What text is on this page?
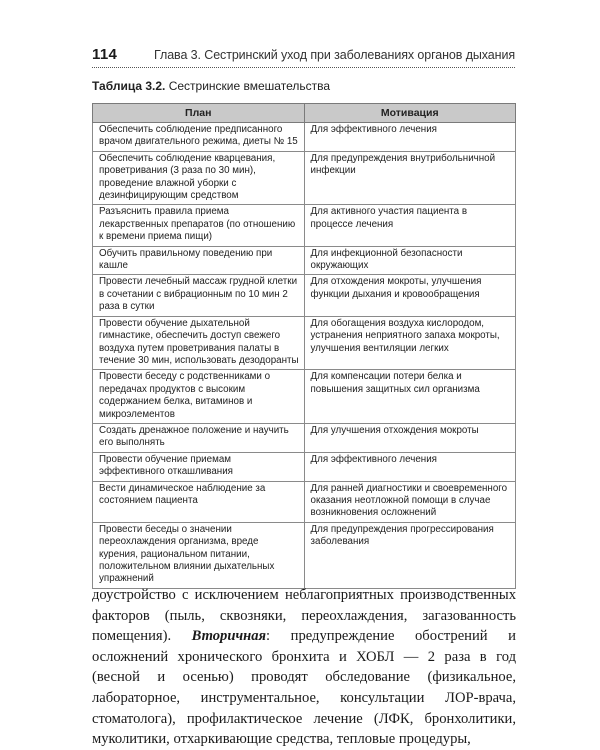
114	Глава 3. Сестринский уход при заболеваниях органов дыхания
Таблица 3.2. Сестринские вмешательства
План	Мотивация
Обеспечить соблюдение предписанного врачом двигательного режима, диеты № 15	Для эффективного лечения
Обеспечить соблюдение кварцевания, проветривания (3 раза по 30 мин), проведение влажной уборки с дезинфицирующим средством	Для предупреждения внутрибольничной инфекции
Разъяснить правила приема лекарственных препаратов (по отношению к времени приема пищи)	Для активного участия пациента в процессе лечения
Обучить правильному поведению при кашле	Для инфекционной безопасности окружающих
Провести лечебный массаж грудной клетки в сочетании с вибрационным по 10 мин 2 раза в сутки	Для отхождения мокроты, улучшения функции дыхания и кровообращения
Провести обучение дыхательной гимнастике, обеспечить доступ свежего воздуха путем проветривания палаты в течение 30 мин, использовать дезодоранты	Для обогащения воздуха кислородом, устранения неприятного запаха мокроты, улучшения вентиляции легких
Провести беседу с родственниками о передачах продуктов с высоким содержанием белка, витаминов и микроэлементов	Для компенсации потери белка и повышения защитных сил организма
Создать дренажное положение и научить его выполнять	Для улучшения отхождения мокроты
Провести обучение приемам эффективного откашливания	Для эффективного лечения
Вести динамическое наблюдение за состоянием пациента	Для ранней диагностики и своевременного оказания неотложной помощи в случае возникновения осложнений
Провести беседы о значении переохлаждения организма, вреде курения, рациональном питании, положительном влиянии дыхательных упражнений	Для предупреждения прогрессирования заболевания
доустройство с исключением неблагоприятных производственных факторов (пыль, сквозняки, переохлаждения, загазованность помещения). Вторичная: предупреждение обострений и осложнений хронического бронхита и ХОБЛ — 2 раза в год (весной и осенью) проводят обследование (физикальное, лабораторное, инструментальное, консультации ЛОР-врача, стоматолога), профилактическое лечение (ЛФК, бронхолитики, муколитики, отхаркивающие средства, тепловые процедуры,
